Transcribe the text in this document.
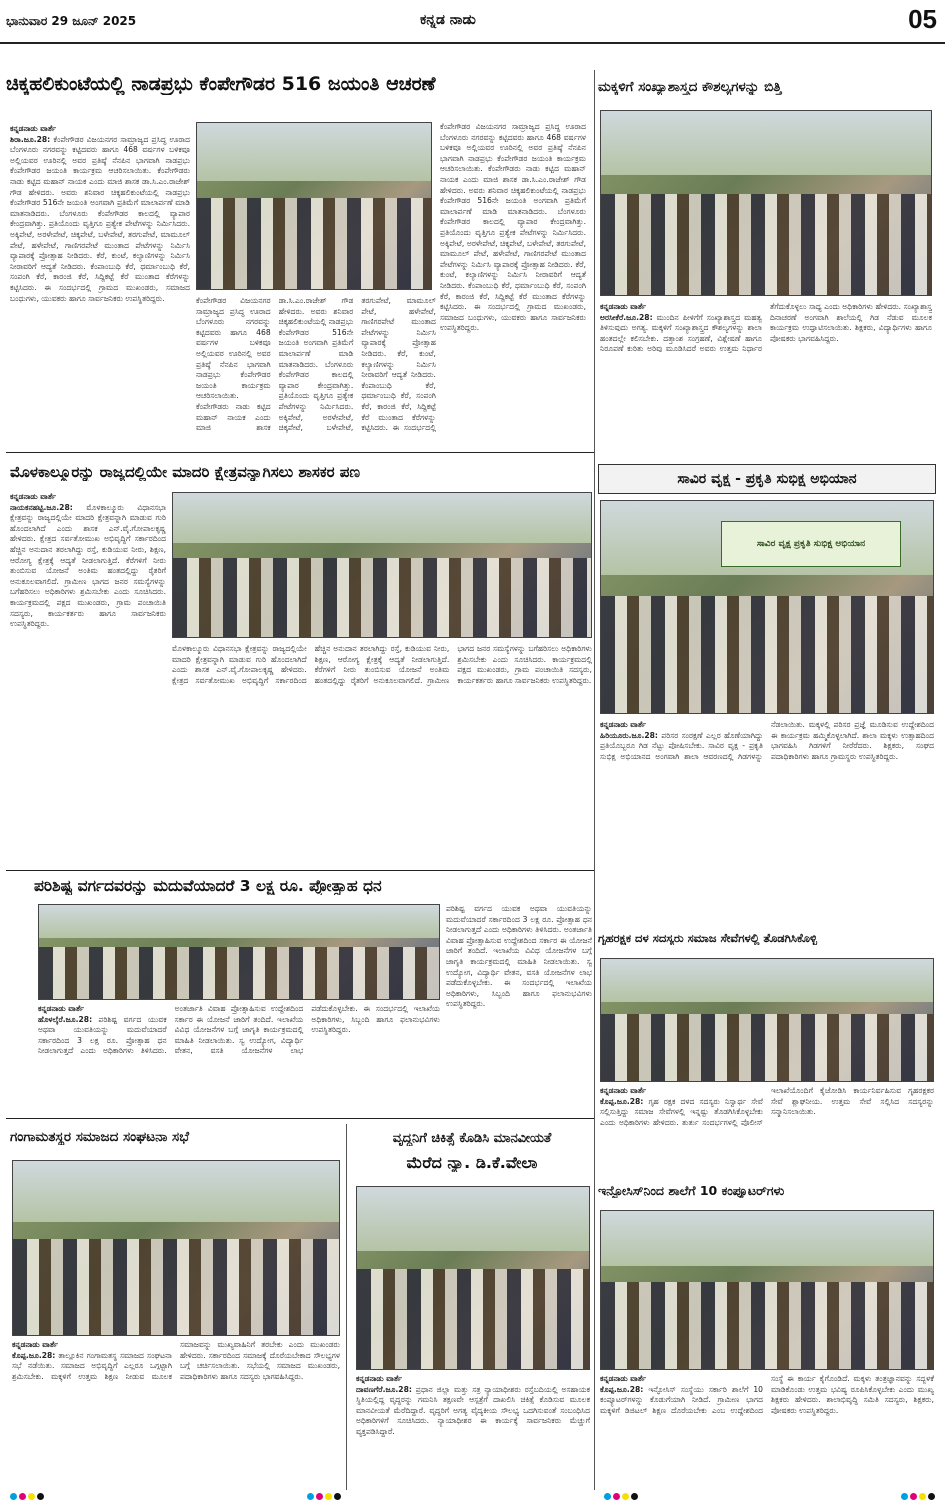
ಭಾನುವಾರ 29 ಜೂನ್ 2025	ಕನ್ನಡ ನಾಡು	05
ಚಿಕ್ಕಹಲಿಕುಂಟೆಯಲ್ಲಿ ನಾಡಪ್ರಭು ಕೆಂಪೇಗೌಡರ 516 ಜಯಂತಿ ಆಚರಣೆ
ಕನ್ನಡನಾಡು ವಾರ್ತೆ
ಶಿರಾ.ಜೂ.28: ಕೆಂಪೇಗೌಡರ ವಿಜಯನಗರ ಸಾಮ್ರಾಜ್ಯದ ಪ್ರಸಿದ್ಧ ಊರಾದ ಬೆಂಗಳೂರು ನಗರವನ್ನು ಕಟ್ಟಿದವರು ಹಾಗೂ 468 ವರ್ಷಗಳ ಬಳಿಕವೂ ಅಲ್ಲಿಯವರ ಊರಿನಲ್ಲಿ ಅವರ ಪ್ರತಿಷ್ಠೆ ನೆನಪಿನ ಭಾಗವಾಗಿ ನಾಡಪ್ರಭು ಕೆಂಪೇಗೌಡರ ಜಯಂತಿ ಕಾರ್ಯಕ್ರಮ ಆಚರಿಸಲಾಯಿತು. ಕೆಂಪೇಗೌಡರು ನಾಡು ಕಟ್ಟಿದ ಮಹಾನ್ ನಾಯಕ ಎಂದು ಮಾಜಿ ಶಾಸಕ ಡಾ.ಸಿ.ಎಂ.ರಾಜೇಶ್ ಗೌಡ ಹೇಳಿದರು. ಅವರು ಶನಿವಾರ ಚಿಕ್ಕಹಲಿಕುಂಟೆಯಲ್ಲಿ ನಾಡಪ್ರಭು ಕೆಂಪೇಗೌಡರ 516ನೇ ಜಯಂತಿ ಅಂಗವಾಗಿ ಪ್ರತಿಮೆಗೆ ಮಾಲಾರ್ಪಣೆ ಮಾಡಿ ಮಾತನಾಡಿದರು. ಬೆಂಗಳೂರು ಕೆಂಪೇಗೌಡರ ಕಾಲದಲ್ಲಿ ವ್ಯಾಪಾರ ಕೇಂದ್ರವಾಗಿತ್ತು. ಪ್ರತಿಯೊಂದು ವೃತ್ತಿಗೂ ಪ್ರತ್ಯೇಕ ಪೇಟೆಗಳನ್ನು ನಿರ್ಮಿಸಿದರು. ಅಕ್ಕಿಪೇಟೆ, ಅರಳೇಪೇಟೆ, ಚಿಕ್ಕಪೇಟೆ, ಬಳೇಪೇಟೆ, ತರಗುಪೇಟೆ, ಮಾಮೂಲ್ ಪೇಟೆ, ಹಳೇಪೇಟೆ, ಗಾಣಿಗರಪೇಟೆ ಮುಂತಾದ ಪೇಟೆಗಳನ್ನು ನಿರ್ಮಿಸಿ ವ್ಯಾಪಾರಕ್ಕೆ ಪ್ರೋತ್ಸಾಹ ನೀಡಿದರು. ಕೆರೆ, ಕುಂಟೆ, ಕಲ್ಯಾಣಿಗಳನ್ನು ನಿರ್ಮಿಸಿ ನೀರಾವರಿಗೆ ಆದ್ಯತೆ ನೀಡಿದರು. ಕೆಂಪಾಂಬುಧಿ ಕೆರೆ, ಧರ್ಮಾಂಬುಧಿ ಕೆರೆ, ಸಂಪಂಗಿ ಕೆರೆ, ಕಾರಂಜಿ ಕೆರೆ, ಸಿದ್ದಿಕಟ್ಟೆ ಕೆರೆ ಮುಂತಾದ ಕೆರೆಗಳನ್ನು ಕಟ್ಟಿಸಿದರು. ಈ ಸಂದರ್ಭದಲ್ಲಿ ಗ್ರಾಮದ ಮುಖಂಡರು, ಸಮಾಜದ ಬಂಧುಗಳು, ಯುವಕರು ಹಾಗೂ ಸಾರ್ವಜನಿಕರು ಉಪಸ್ಥಿತರಿದ್ದರು.
ಕೆಂಪೇಗೌಡರ ವಿಜಯನಗರ ಸಾಮ್ರಾಜ್ಯದ ಪ್ರಸಿದ್ಧ ಊರಾದ ಬೆಂಗಳೂರು ನಗರವನ್ನು ಕಟ್ಟಿದವರು ಹಾಗೂ 468 ವರ್ಷಗಳ ಬಳಿಕವೂ ಅಲ್ಲಿಯವರ ಊರಿನಲ್ಲಿ ಅವರ ಪ್ರತಿಷ್ಠೆ ನೆನಪಿನ ಭಾಗವಾಗಿ ನಾಡಪ್ರಭು ಕೆಂಪೇಗೌಡರ ಜಯಂತಿ ಕಾರ್ಯಕ್ರಮ ಆಚರಿಸಲಾಯಿತು. ಕೆಂಪೇಗೌಡರು ನಾಡು ಕಟ್ಟಿದ ಮಹಾನ್ ನಾಯಕ ಎಂದು ಮಾಜಿ ಶಾಸಕ ಡಾ.ಸಿ.ಎಂ.ರಾಜೇಶ್ ಗೌಡ ಹೇಳಿದರು. ಅವರು ಶನಿವಾರ ಚಿಕ್ಕಹಲಿಕುಂಟೆಯಲ್ಲಿ ನಾಡಪ್ರಭು ಕೆಂಪೇಗೌಡರ 516ನೇ ಜಯಂತಿ ಅಂಗವಾಗಿ ಪ್ರತಿಮೆಗೆ ಮಾಲಾರ್ಪಣೆ ಮಾಡಿ ಮಾತನಾಡಿದರು. ಬೆಂಗಳೂರು ಕೆಂಪೇಗೌಡರ ಕಾಲದಲ್ಲಿ ವ್ಯಾಪಾರ ಕೇಂದ್ರವಾಗಿತ್ತು. ಪ್ರತಿಯೊಂದು ವೃತ್ತಿಗೂ ಪ್ರತ್ಯೇಕ ಪೇಟೆಗಳನ್ನು ನಿರ್ಮಿಸಿದರು. ಅಕ್ಕಿಪೇಟೆ, ಅರಳೇಪೇಟೆ, ಚಿಕ್ಕಪೇಟೆ, ಬಳೇಪೇಟೆ, ತರಗುಪೇಟೆ, ಮಾಮೂಲ್ ಪೇಟೆ, ಹಳೇಪೇಟೆ, ಗಾಣಿಗರಪೇಟೆ ಮುಂತಾದ ಪೇಟೆಗಳನ್ನು ನಿರ್ಮಿಸಿ ವ್ಯಾಪಾರಕ್ಕೆ ಪ್ರೋತ್ಸಾಹ ನೀಡಿದರು. ಕೆರೆ, ಕುಂಟೆ, ಕಲ್ಯಾಣಿಗಳನ್ನು ನಿರ್ಮಿಸಿ ನೀರಾವರಿಗೆ ಆದ್ಯತೆ ನೀಡಿದರು. ಕೆಂಪಾಂಬುಧಿ ಕೆರೆ, ಧರ್ಮಾಂಬುಧಿ ಕೆರೆ, ಸಂಪಂಗಿ ಕೆರೆ, ಕಾರಂಜಿ ಕೆರೆ, ಸಿದ್ದಿಕಟ್ಟೆ ಕೆರೆ ಮುಂತಾದ ಕೆರೆಗಳನ್ನು ಕಟ್ಟಿಸಿದರು. ಈ ಸಂದರ್ಭದಲ್ಲಿ ಗ್ರಾಮದ ಮುಖಂಡರು, ಸಮಾಜದ ಬಂಧುಗಳು, ಯುವಕರು ಹಾಗೂ ಸಾರ್ವಜನಿಕರು ಉಪಸ್ಥಿತರಿದ್ದರು.
ಕೆಂಪೇಗೌಡರ ವಿಜಯನಗರ ಸಾಮ್ರಾಜ್ಯದ ಪ್ರಸಿದ್ಧ ಊರಾದ ಬೆಂಗಳೂರು ನಗರವನ್ನು ಕಟ್ಟಿದವರು ಹಾಗೂ 468 ವರ್ಷಗಳ ಬಳಿಕವೂ ಅಲ್ಲಿಯವರ ಊರಿನಲ್ಲಿ ಅವರ ಪ್ರತಿಷ್ಠೆ ನೆನಪಿನ ಭಾಗವಾಗಿ ನಾಡಪ್ರಭು ಕೆಂಪೇಗೌಡರ ಜಯಂತಿ ಕಾರ್ಯಕ್ರಮ ಆಚರಿಸಲಾಯಿತು. ಕೆಂಪೇಗೌಡರು ನಾಡು ಕಟ್ಟಿದ ಮಹಾನ್ ನಾಯಕ ಎಂದು ಮಾಜಿ ಶಾಸಕ ಡಾ.ಸಿ.ಎಂ.ರಾಜೇಶ್ ಗೌಡ ಹೇಳಿದರು. ಅವರು ಶನಿವಾರ ಚಿಕ್ಕಹಲಿಕುಂಟೆಯಲ್ಲಿ ನಾಡಪ್ರಭು ಕೆಂಪೇಗೌಡರ 516ನೇ ಜಯಂತಿ ಅಂಗವಾಗಿ ಪ್ರತಿಮೆಗೆ ಮಾಲಾರ್ಪಣೆ ಮಾಡಿ ಮಾತನಾಡಿದರು. ಬೆಂಗಳೂರು ಕೆಂಪೇಗೌಡರ ಕಾಲದಲ್ಲಿ ವ್ಯಾಪಾರ ಕೇಂದ್ರವಾಗಿತ್ತು. ಪ್ರತಿಯೊಂದು ವೃತ್ತಿಗೂ ಪ್ರತ್ಯೇಕ ಪೇಟೆಗಳನ್ನು ನಿರ್ಮಿಸಿದರು. ಅಕ್ಕಿಪೇಟೆ, ಅರಳೇಪೇಟೆ, ಚಿಕ್ಕಪೇಟೆ, ಬಳೇಪೇಟೆ, ತರಗುಪೇಟೆ, ಮಾಮೂಲ್ ಪೇಟೆ, ಹಳೇಪೇಟೆ, ಗಾಣಿಗರಪೇಟೆ ಮುಂತಾದ ಪೇಟೆಗಳನ್ನು ನಿರ್ಮಿಸಿ ವ್ಯಾಪಾರಕ್ಕೆ ಪ್ರೋತ್ಸಾಹ ನೀಡಿದರು. ಕೆರೆ, ಕುಂಟೆ, ಕಲ್ಯಾಣಿಗಳನ್ನು ನಿರ್ಮಿಸಿ ನೀರಾವರಿಗೆ ಆದ್ಯತೆ ನೀಡಿದರು. ಕೆಂಪಾಂಬುಧಿ ಕೆರೆ, ಧರ್ಮಾಂಬುಧಿ ಕೆರೆ, ಸಂಪಂಗಿ ಕೆರೆ, ಕಾರಂಜಿ ಕೆರೆ, ಸಿದ್ದಿಕಟ್ಟೆ ಕೆರೆ ಮುಂತಾದ ಕೆರೆಗಳನ್ನು ಕಟ್ಟಿಸಿದರು. ಈ ಸಂದರ್ಭದಲ್ಲಿ
ಮಕ್ಕಳಿಗೆ ಸಂಖ್ಯಾಶಾಸ್ತ್ರದ ಕೌಶಲ್ಯಗಳನ್ನು ಬಿತ್ತಿ
ಕನ್ನಡನಾಡು ವಾರ್ತೆ
ಅರಸೀಕೆರೆ.ಜೂ.28: ಮುಂದಿನ ಪೀಳಿಗೆಗೆ ಸಂಖ್ಯಾಶಾಸ್ತ್ರದ ಮಹತ್ವ ತಿಳಿಸುವುದು ಅಗತ್ಯ. ಮಕ್ಕಳಿಗೆ ಸಂಖ್ಯಾಶಾಸ್ತ್ರದ ಕೌಶಲ್ಯಗಳನ್ನು ಶಾಲಾ ಹಂತದಲ್ಲೇ ಕಲಿಸಬೇಕು. ದತ್ತಾಂಶ ಸಂಗ್ರಹಣೆ, ವಿಶ್ಲೇಷಣೆ ಹಾಗೂ ನಿರೂಪಣೆ ಕುರಿತು ಅರಿವು ಮೂಡಿಸಿದರೆ ಅವರು ಉತ್ತಮ ನಿರ್ಧಾರ ತೆಗೆದುಕೊಳ್ಳಲು ಸಾಧ್ಯ ಎಂದು ಅಧಿಕಾರಿಗಳು ಹೇಳಿದರು. ಸಂಖ್ಯಾಶಾಸ್ತ್ರ ದಿನಾಚರಣೆ ಅಂಗವಾಗಿ ಶಾಲೆಯಲ್ಲಿ ಗಿಡ ನೆಡುವ ಮೂಲಕ ಕಾರ್ಯಕ್ರಮ ಉದ್ಘಾಟಿಸಲಾಯಿತು. ಶಿಕ್ಷಕರು, ವಿದ್ಯಾರ್ಥಿಗಳು ಹಾಗೂ ಪೋಷಕರು ಭಾಗವಹಿಸಿದ್ದರು.
ಮೊಳಕಾಲ್ಮೂರನ್ನು ರಾಜ್ಯದಲ್ಲಿಯೇ ಮಾದರಿ ಕ್ಷೇತ್ರವನ್ನಾಗಿಸಲು ಶಾಸಕರ ಪಣ
ಕನ್ನಡನಾಡು ವಾರ್ತೆ
ನಾಯಕನಹಟ್ಟಿ.ಜೂ.28: ಮೊಳಕಾಲ್ಮೂರು ವಿಧಾನಸಭಾ ಕ್ಷೇತ್ರವನ್ನು ರಾಜ್ಯದಲ್ಲಿಯೇ ಮಾದರಿ ಕ್ಷೇತ್ರವನ್ನಾಗಿ ಮಾಡುವ ಗುರಿ ಹೊಂದಲಾಗಿದೆ ಎಂದು ಶಾಸಕ ಎನ್.ವೈ.ಗೋಪಾಲಕೃಷ್ಣ ಹೇಳಿದರು. ಕ್ಷೇತ್ರದ ಸರ್ವತೋಮುಖ ಅಭಿವೃದ್ಧಿಗೆ ಸರ್ಕಾರದಿಂದ ಹೆಚ್ಚಿನ ಅನುದಾನ ತರಲಾಗಿದ್ದು ರಸ್ತೆ, ಕುಡಿಯುವ ನೀರು, ಶಿಕ್ಷಣ, ಆರೋಗ್ಯ ಕ್ಷೇತ್ರಕ್ಕೆ ಆದ್ಯತೆ ನೀಡಲಾಗುತ್ತಿದೆ. ಕೆರೆಗಳಿಗೆ ನೀರು ತುಂಬಿಸುವ ಯೋಜನೆ ಅಂತಿಮ ಹಂತದಲ್ಲಿದ್ದು ರೈತರಿಗೆ ಅನುಕೂಲವಾಗಲಿದೆ. ಗ್ರಾಮೀಣ ಭಾಗದ ಜನರ ಸಮಸ್ಯೆಗಳನ್ನು ಬಗೆಹರಿಸಲು ಅಧಿಕಾರಿಗಳು ಶ್ರಮಿಸಬೇಕು ಎಂದು ಸೂಚಿಸಿದರು. ಕಾರ್ಯಕ್ರಮದಲ್ಲಿ ಪಕ್ಷದ ಮುಖಂಡರು, ಗ್ರಾಮ ಪಂಚಾಯಿತಿ ಸದಸ್ಯರು, ಕಾರ್ಯಕರ್ತರು ಹಾಗೂ ಸಾರ್ವಜನಿಕರು ಉಪಸ್ಥಿತರಿದ್ದರು.
ಮೊಳಕಾಲ್ಮೂರು ವಿಧಾನಸಭಾ ಕ್ಷೇತ್ರವನ್ನು ರಾಜ್ಯದಲ್ಲಿಯೇ ಮಾದರಿ ಕ್ಷೇತ್ರವನ್ನಾಗಿ ಮಾಡುವ ಗುರಿ ಹೊಂದಲಾಗಿದೆ ಎಂದು ಶಾಸಕ ಎನ್.ವೈ.ಗೋಪಾಲಕೃಷ್ಣ ಹೇಳಿದರು. ಕ್ಷೇತ್ರದ ಸರ್ವತೋಮುಖ ಅಭಿವೃದ್ಧಿಗೆ ಸರ್ಕಾರದಿಂದ ಹೆಚ್ಚಿನ ಅನುದಾನ ತರಲಾಗಿದ್ದು ರಸ್ತೆ, ಕುಡಿಯುವ ನೀರು, ಶಿಕ್ಷಣ, ಆರೋಗ್ಯ ಕ್ಷೇತ್ರಕ್ಕೆ ಆದ್ಯತೆ ನೀಡಲಾಗುತ್ತಿದೆ. ಕೆರೆಗಳಿಗೆ ನೀರು ತುಂಬಿಸುವ ಯೋಜನೆ ಅಂತಿಮ ಹಂತದಲ್ಲಿದ್ದು ರೈತರಿಗೆ ಅನುಕೂಲವಾಗಲಿದೆ. ಗ್ರಾಮೀಣ ಭಾಗದ ಜನರ ಸಮಸ್ಯೆಗಳನ್ನು ಬಗೆಹರಿಸಲು ಅಧಿಕಾರಿಗಳು ಶ್ರಮಿಸಬೇಕು ಎಂದು ಸೂಚಿಸಿದರು. ಕಾರ್ಯಕ್ರಮದಲ್ಲಿ ಪಕ್ಷದ ಮುಖಂಡರು, ಗ್ರಾಮ ಪಂಚಾಯಿತಿ ಸದಸ್ಯರು, ಕಾರ್ಯಕರ್ತರು ಹಾಗೂ ಸಾರ್ವಜನಿಕರು ಉಪಸ್ಥಿತರಿದ್ದರು.
ಸಾವಿರ ವೃಕ್ಷ - ಪ್ರಕೃತಿ ಸುಭಿಕ್ಷ ಅಭಿಯಾನ
ಸಾವಿರ ವೃಕ್ಷ ಪ್ರಕೃತಿ ಸುಭಿಕ್ಷ ಅಭಿಯಾನ
ಕನ್ನಡನಾಡು ವಾರ್ತೆ
ಹಿರಿಯೂರು.ಜೂ.28: ಪರಿಸರ ಸಂರಕ್ಷಣೆ ಎಲ್ಲರ ಹೊಣೆಯಾಗಿದ್ದು ಪ್ರತಿಯೊಬ್ಬರೂ ಗಿಡ ನೆಟ್ಟು ಪೋಷಿಸಬೇಕು. ಸಾವಿರ ವೃಕ್ಷ - ಪ್ರಕೃತಿ ಸುಭಿಕ್ಷ ಅಭಿಯಾನದ ಅಂಗವಾಗಿ ಶಾಲಾ ಆವರಣದಲ್ಲಿ ಗಿಡಗಳನ್ನು ನೆಡಲಾಯಿತು. ಮಕ್ಕಳಲ್ಲಿ ಪರಿಸರ ಪ್ರಜ್ಞೆ ಮೂಡಿಸುವ ಉದ್ದೇಶದಿಂದ ಈ ಕಾರ್ಯಕ್ರಮ ಹಮ್ಮಿಕೊಳ್ಳಲಾಗಿದೆ. ಶಾಲಾ ಮಕ್ಕಳು ಉತ್ಸಾಹದಿಂದ ಭಾಗವಹಿಸಿ ಗಿಡಗಳಿಗೆ ನೀರೆರೆದರು. ಶಿಕ್ಷಕರು, ಸಂಘದ ಪದಾಧಿಕಾರಿಗಳು ಹಾಗೂ ಗ್ರಾಮಸ್ಥರು ಉಪಸ್ಥಿತರಿದ್ದರು.
ಪರಿಶಿಷ್ಟ ವರ್ಗದವರನ್ನು ಮದುವೆಯಾದರೆ 3 ಲಕ್ಷ ರೂ. ಪ್ರೋತ್ಸಾಹ ಧನ
ಕನ್ನಡನಾಡು ವಾರ್ತೆ
ಹೊಳಲ್ಕೆರೆ.ಜೂ.28: ಪರಿಶಿಷ್ಟ ವರ್ಗದ ಯುವಕ ಅಥವಾ ಯುವತಿಯನ್ನು ಮದುವೆಯಾದರೆ ಸರ್ಕಾರದಿಂದ 3 ಲಕ್ಷ ರೂ. ಪ್ರೋತ್ಸಾಹ ಧನ ನೀಡಲಾಗುತ್ತದೆ ಎಂದು ಅಧಿಕಾರಿಗಳು ತಿಳಿಸಿದರು. ಅಂತರ್ಜಾತಿ ವಿವಾಹ ಪ್ರೋತ್ಸಾಹಿಸುವ ಉದ್ದೇಶದಿಂದ ಸರ್ಕಾರ ಈ ಯೋಜನೆ ಜಾರಿಗೆ ತಂದಿದೆ. ಇಲಾಖೆಯ ವಿವಿಧ ಯೋಜನೆಗಳ ಬಗ್ಗೆ ಜಾಗೃತಿ ಕಾರ್ಯಕ್ರಮದಲ್ಲಿ ಮಾಹಿತಿ ನೀಡಲಾಯಿತು. ಸ್ವ ಉದ್ಯೋಗ, ವಿದ್ಯಾರ್ಥಿ ವೇತನ, ವಸತಿ ಯೋಜನೆಗಳ ಲಾಭ ಪಡೆದುಕೊಳ್ಳಬೇಕು. ಈ ಸಂದರ್ಭದಲ್ಲಿ ಇಲಾಖೆಯ ಅಧಿಕಾರಿಗಳು, ಸಿಬ್ಬಂದಿ ಹಾಗೂ ಫಲಾನುಭವಿಗಳು ಉಪಸ್ಥಿತರಿದ್ದರು.
ಪರಿಶಿಷ್ಟ ವರ್ಗದ ಯುವಕ ಅಥವಾ ಯುವತಿಯನ್ನು ಮದುವೆಯಾದರೆ ಸರ್ಕಾರದಿಂದ 3 ಲಕ್ಷ ರೂ. ಪ್ರೋತ್ಸಾಹ ಧನ ನೀಡಲಾಗುತ್ತದೆ ಎಂದು ಅಧಿಕಾರಿಗಳು ತಿಳಿಸಿದರು. ಅಂತರ್ಜಾತಿ ವಿವಾಹ ಪ್ರೋತ್ಸಾಹಿಸುವ ಉದ್ದೇಶದಿಂದ ಸರ್ಕಾರ ಈ ಯೋಜನೆ ಜಾರಿಗೆ ತಂದಿದೆ. ಇಲಾಖೆಯ ವಿವಿಧ ಯೋಜನೆಗಳ ಬಗ್ಗೆ ಜಾಗೃತಿ ಕಾರ್ಯಕ್ರಮದಲ್ಲಿ ಮಾಹಿತಿ ನೀಡಲಾಯಿತು. ಸ್ವ ಉದ್ಯೋಗ, ವಿದ್ಯಾರ್ಥಿ ವೇತನ, ವಸತಿ ಯೋಜನೆಗಳ ಲಾಭ ಪಡೆದುಕೊಳ್ಳಬೇಕು. ಈ ಸಂದರ್ಭದಲ್ಲಿ ಇಲಾಖೆಯ ಅಧಿಕಾರಿಗಳು, ಸಿಬ್ಬಂದಿ ಹಾಗೂ ಫಲಾನುಭವಿಗಳು ಉಪಸ್ಥಿತರಿದ್ದರು.
ಗೃಹರಕ್ಷಕ ದಳ ಸದಸ್ಯರು ಸಮಾಜ ಸೇವೆಗಳಲ್ಲಿ ತೊಡಗಿಸಿಕೊಳ್ಳಿ
ಕನ್ನಡನಾಡು ವಾರ್ತೆ
ಕೊಪ್ಪ.ಜೂ.28: ಗೃಹ ರಕ್ಷಕ ದಳದ ಸದಸ್ಯರು ನಿಸ್ವಾರ್ಥ ಸೇವೆ ಸಲ್ಲಿಸುತ್ತಿದ್ದು ಸಮಾಜ ಸೇವೆಗಳಲ್ಲಿ ಇನ್ನಷ್ಟು ತೊಡಗಿಸಿಕೊಳ್ಳಬೇಕು ಎಂದು ಅಧಿಕಾರಿಗಳು ಹೇಳಿದರು. ತುರ್ತು ಸಂದರ್ಭಗಳಲ್ಲಿ ಪೊಲೀಸ್ ಇಲಾಖೆಯೊಂದಿಗೆ ಕೈಜೋಡಿಸಿ ಕಾರ್ಯನಿರ್ವಹಿಸುವ ಗೃಹರಕ್ಷಕರ ಸೇವೆ ಶ್ಲಾಘನೀಯ. ಉತ್ತಮ ಸೇವೆ ಸಲ್ಲಿಸಿದ ಸದಸ್ಯರನ್ನು ಸನ್ಮಾನಿಸಲಾಯಿತು.
ಗಂಗಾಮತಸ್ಥರ ಸಮಾಜದ ಸಂಘಟನಾ ಸಭೆ
ಕನ್ನಡನಾಡು ವಾರ್ತೆ
ಕೊಪ್ಪ.ಜೂ.28: ತಾಲ್ಲೂಕಿನ ಗಂಗಾಮತಸ್ಥ ಸಮಾಜದ ಸಂಘಟನಾ ಸಭೆ ನಡೆಯಿತು. ಸಮಾಜದ ಅಭಿವೃದ್ಧಿಗೆ ಎಲ್ಲರೂ ಒಗ್ಗಟ್ಟಾಗಿ ಶ್ರಮಿಸಬೇಕು. ಮಕ್ಕಳಿಗೆ ಉತ್ತಮ ಶಿಕ್ಷಣ ನೀಡುವ ಮೂಲಕ ಸಮಾಜವನ್ನು ಮುಖ್ಯವಾಹಿನಿಗೆ ತರಬೇಕು ಎಂದು ಮುಖಂಡರು ಹೇಳಿದರು. ಸರ್ಕಾರದಿಂದ ಸಮಾಜಕ್ಕೆ ದೊರೆಯಬೇಕಾದ ಸೌಲಭ್ಯಗಳ ಬಗ್ಗೆ ಚರ್ಚಿಸಲಾಯಿತು. ಸಭೆಯಲ್ಲಿ ಸಮಾಜದ ಮುಖಂಡರು, ಪದಾಧಿಕಾರಿಗಳು ಹಾಗೂ ಸದಸ್ಯರು ಭಾಗವಹಿಸಿದ್ದರು.
ವೃದ್ಧನಿಗೆ ಚಿಕಿತ್ಸೆ ಕೊಡಿಸಿ ಮಾನವೀಯತೆ
ಮೆರೆದ ನ್ಯಾ. ಡಿ.ಕೆ.ವೇಲಾ
ಕನ್ನಡನಾಡು ವಾರ್ತೆ
ದಾವಣಗೆರೆ.ಜೂ.28: ಪ್ರಧಾನ ಜಿಲ್ಲಾ ಮತ್ತು ಸತ್ರ ನ್ಯಾಯಾಧೀಶರು ರಸ್ತೆಬದಿಯಲ್ಲಿ ಅಸಹಾಯಕ ಸ್ಥಿತಿಯಲ್ಲಿದ್ದ ವೃದ್ಧರನ್ನು ಗಮನಿಸಿ ತಕ್ಷಣವೇ ಆಸ್ಪತ್ರೆಗೆ ದಾಖಲಿಸಿ ಚಿಕಿತ್ಸೆ ಕೊಡಿಸುವ ಮೂಲಕ ಮಾನವೀಯತೆ ಮೆರೆದಿದ್ದಾರೆ. ವೃದ್ಧರಿಗೆ ಅಗತ್ಯ ವೈದ್ಯಕೀಯ ಸೌಲಭ್ಯ ಒದಗಿಸುವಂತೆ ಸಂಬಂಧಿಸಿದ ಅಧಿಕಾರಿಗಳಿಗೆ ಸೂಚಿಸಿದರು. ನ್ಯಾಯಾಧೀಶರ ಈ ಕಾರ್ಯಕ್ಕೆ ಸಾರ್ವಜನಿಕರು ಮೆಚ್ಚುಗೆ ವ್ಯಕ್ತಪಡಿಸಿದ್ದಾರೆ.
ಇನ್ಫೋಸಿಸ್‌ನಿಂದ ಶಾಲೆಗೆ 10 ಕಂಪ್ಯೂಟರ್‌ಗಳು
ಕನ್ನಡನಾಡು ವಾರ್ತೆ
ಕೊಪ್ಪ.ಜೂ.28: ಇನ್ಫೋಸಿಸ್ ಸಂಸ್ಥೆಯು ಸರ್ಕಾರಿ ಶಾಲೆಗೆ 10 ಕಂಪ್ಯೂಟರ್‌ಗಳನ್ನು ಕೊಡುಗೆಯಾಗಿ ನೀಡಿದೆ. ಗ್ರಾಮೀಣ ಭಾಗದ ಮಕ್ಕಳಿಗೆ ಡಿಜಿಟಲ್ ಶಿಕ್ಷಣ ದೊರೆಯಬೇಕು ಎಂಬ ಉದ್ದೇಶದಿಂದ ಸಂಸ್ಥೆ ಈ ಕಾರ್ಯ ಕೈಗೊಂಡಿದೆ. ಮಕ್ಕಳು ತಂತ್ರಜ್ಞಾನವನ್ನು ಸದ್ಬಳಕೆ ಮಾಡಿಕೊಂಡು ಉತ್ತಮ ಭವಿಷ್ಯ ರೂಪಿಸಿಕೊಳ್ಳಬೇಕು ಎಂದು ಮುಖ್ಯ ಶಿಕ್ಷಕರು ಹೇಳಿದರು. ಶಾಲಾಭಿವೃದ್ಧಿ ಸಮಿತಿ ಸದಸ್ಯರು, ಶಿಕ್ಷಕರು, ಪೋಷಕರು ಉಪಸ್ಥಿತರಿದ್ದರು.
